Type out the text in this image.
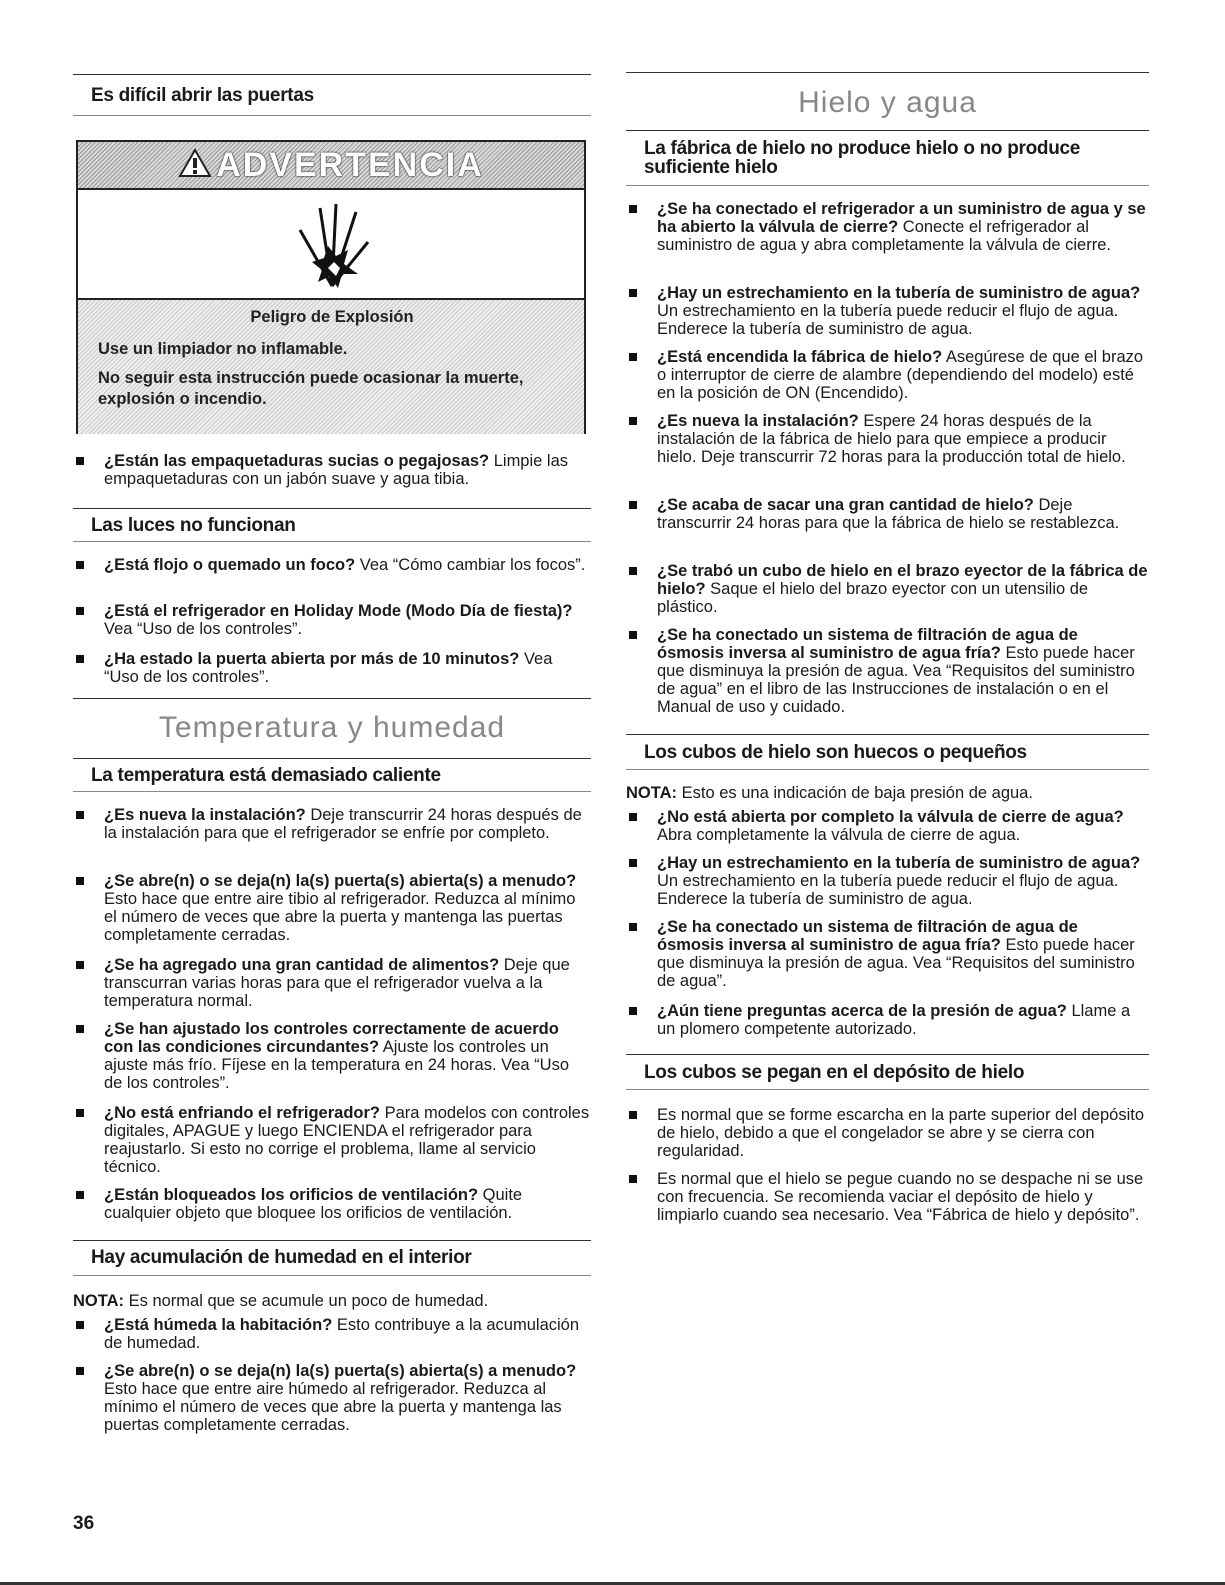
Es difícil abrir las puertas
ADVERTENCIA
Peligro de Explosión
Use un limpiador no inflamable.
No seguir esta instrucción puede ocasionar la muerte, explosión o incendio.
¿Están las empaquetaduras sucias o pegajosas? Limpie las empaquetaduras con un jabón suave y agua tibia.
Las luces no funcionan
¿Está flojo o quemado un foco? Vea “Cómo cambiar los focos”.
¿Está el refrigerador en Holiday Mode (Modo Día de fiesta)? Vea “Uso de los controles”.
¿Ha estado la puerta abierta por más de 10 minutos? Vea “Uso de los controles”.
Temperatura y humedad
La temperatura está demasiado caliente
¿Es nueva la instalación? Deje transcurrir 24 horas después de la instalación para que el refrigerador se enfríe por completo.
¿Se abre(n) o se deja(n) la(s) puerta(s) abierta(s) a menudo? Esto hace que entre aire tibio al refrigerador. Reduzca al mínimo el número de veces que abre la puerta y mantenga las puertas completamente cerradas.
¿Se ha agregado una gran cantidad de alimentos? Deje que transcurran varias horas para que el refrigerador vuelva a la temperatura normal.
¿Se han ajustado los controles correctamente de acuerdo con las condiciones circundantes? Ajuste los controles un ajuste más frío. Fíjese en la temperatura en 24 horas. Vea “Uso de los controles”.
¿No está enfriando el refrigerador? Para modelos con controles digitales, APAGUE y luego ENCIENDA el refrigerador para reajustarlo. Si esto no corrige el problema, llame al servicio técnico.
¿Están bloqueados los orificios de ventilación? Quite cualquier objeto que bloquee los orificios de ventilación.
Hay acumulación de humedad en el interior
NOTA: Es normal que se acumule un poco de humedad.
¿Está húmeda la habitación? Esto contribuye a la acumulación de humedad.
¿Se abre(n) o se deja(n) la(s) puerta(s) abierta(s) a menudo? Esto hace que entre aire húmedo al refrigerador. Reduzca al mínimo el número de veces que abre la puerta y mantenga las puertas completamente cerradas.
Hielo y agua
La fábrica de hielo no produce hielo o no produce
suficiente hielo
¿Se ha conectado el refrigerador a un suministro de agua y se ha abierto la válvula de cierre? Conecte el refrigerador al suministro de agua y abra completamente la válvula de cierre.
¿Hay un estrechamiento en la tubería de suministro de agua? Un estrechamiento en la tubería puede reducir el flujo de agua. Enderece la tubería de suministro de agua.
¿Está encendida la fábrica de hielo? Asegúrese de que el brazo o interruptor de cierre de alambre (dependiendo del modelo) esté en la posición de ON (Encendido).
¿Es nueva la instalación? Espere 24 horas después de la instalación de la fábrica de hielo para que empiece a producir hielo. Deje transcurrir 72 horas para la producción total de hielo.
¿Se acaba de sacar una gran cantidad de hielo? Deje transcurrir 24 horas para que la fábrica de hielo se restablezca.
¿Se trabó un cubo de hielo en el brazo eyector de la fábrica de hielo? Saque el hielo del brazo eyector con un utensilio de plástico.
¿Se ha conectado un sistema de filtración de agua de ósmosis inversa al suministro de agua fría? Esto puede hacer que disminuya la presión de agua. Vea “Requisitos del suministro de agua” en el libro de las Instrucciones de instalación o en el Manual de uso y cuidado.
Los cubos de hielo son huecos o pequeños
NOTA: Esto es una indicación de baja presión de agua.
¿No está abierta por completo la válvula de cierre de agua? Abra completamente la válvula de cierre de agua.
¿Hay un estrechamiento en la tubería de suministro de agua? Un estrechamiento en la tubería puede reducir el flujo de agua. Enderece la tubería de suministro de agua.
¿Se ha conectado un sistema de filtración de agua de ósmosis inversa al suministro de agua fría? Esto puede hacer que disminuya la presión de agua. Vea “Requisitos del suministro de agua”.
¿Aún tiene preguntas acerca de la presión de agua? Llame a un plomero competente autorizado.
Los cubos se pegan en el depósito de hielo
Es normal que se forme escarcha en la parte superior del depósito de hielo, debido a que el congelador se abre y se cierra con regularidad.
Es normal que el hielo se pegue cuando no se despache ni se use con frecuencia. Se recomienda vaciar el depósito de hielo y limpiarlo cuando sea necesario. Vea “Fábrica de hielo y depósito”.
36
